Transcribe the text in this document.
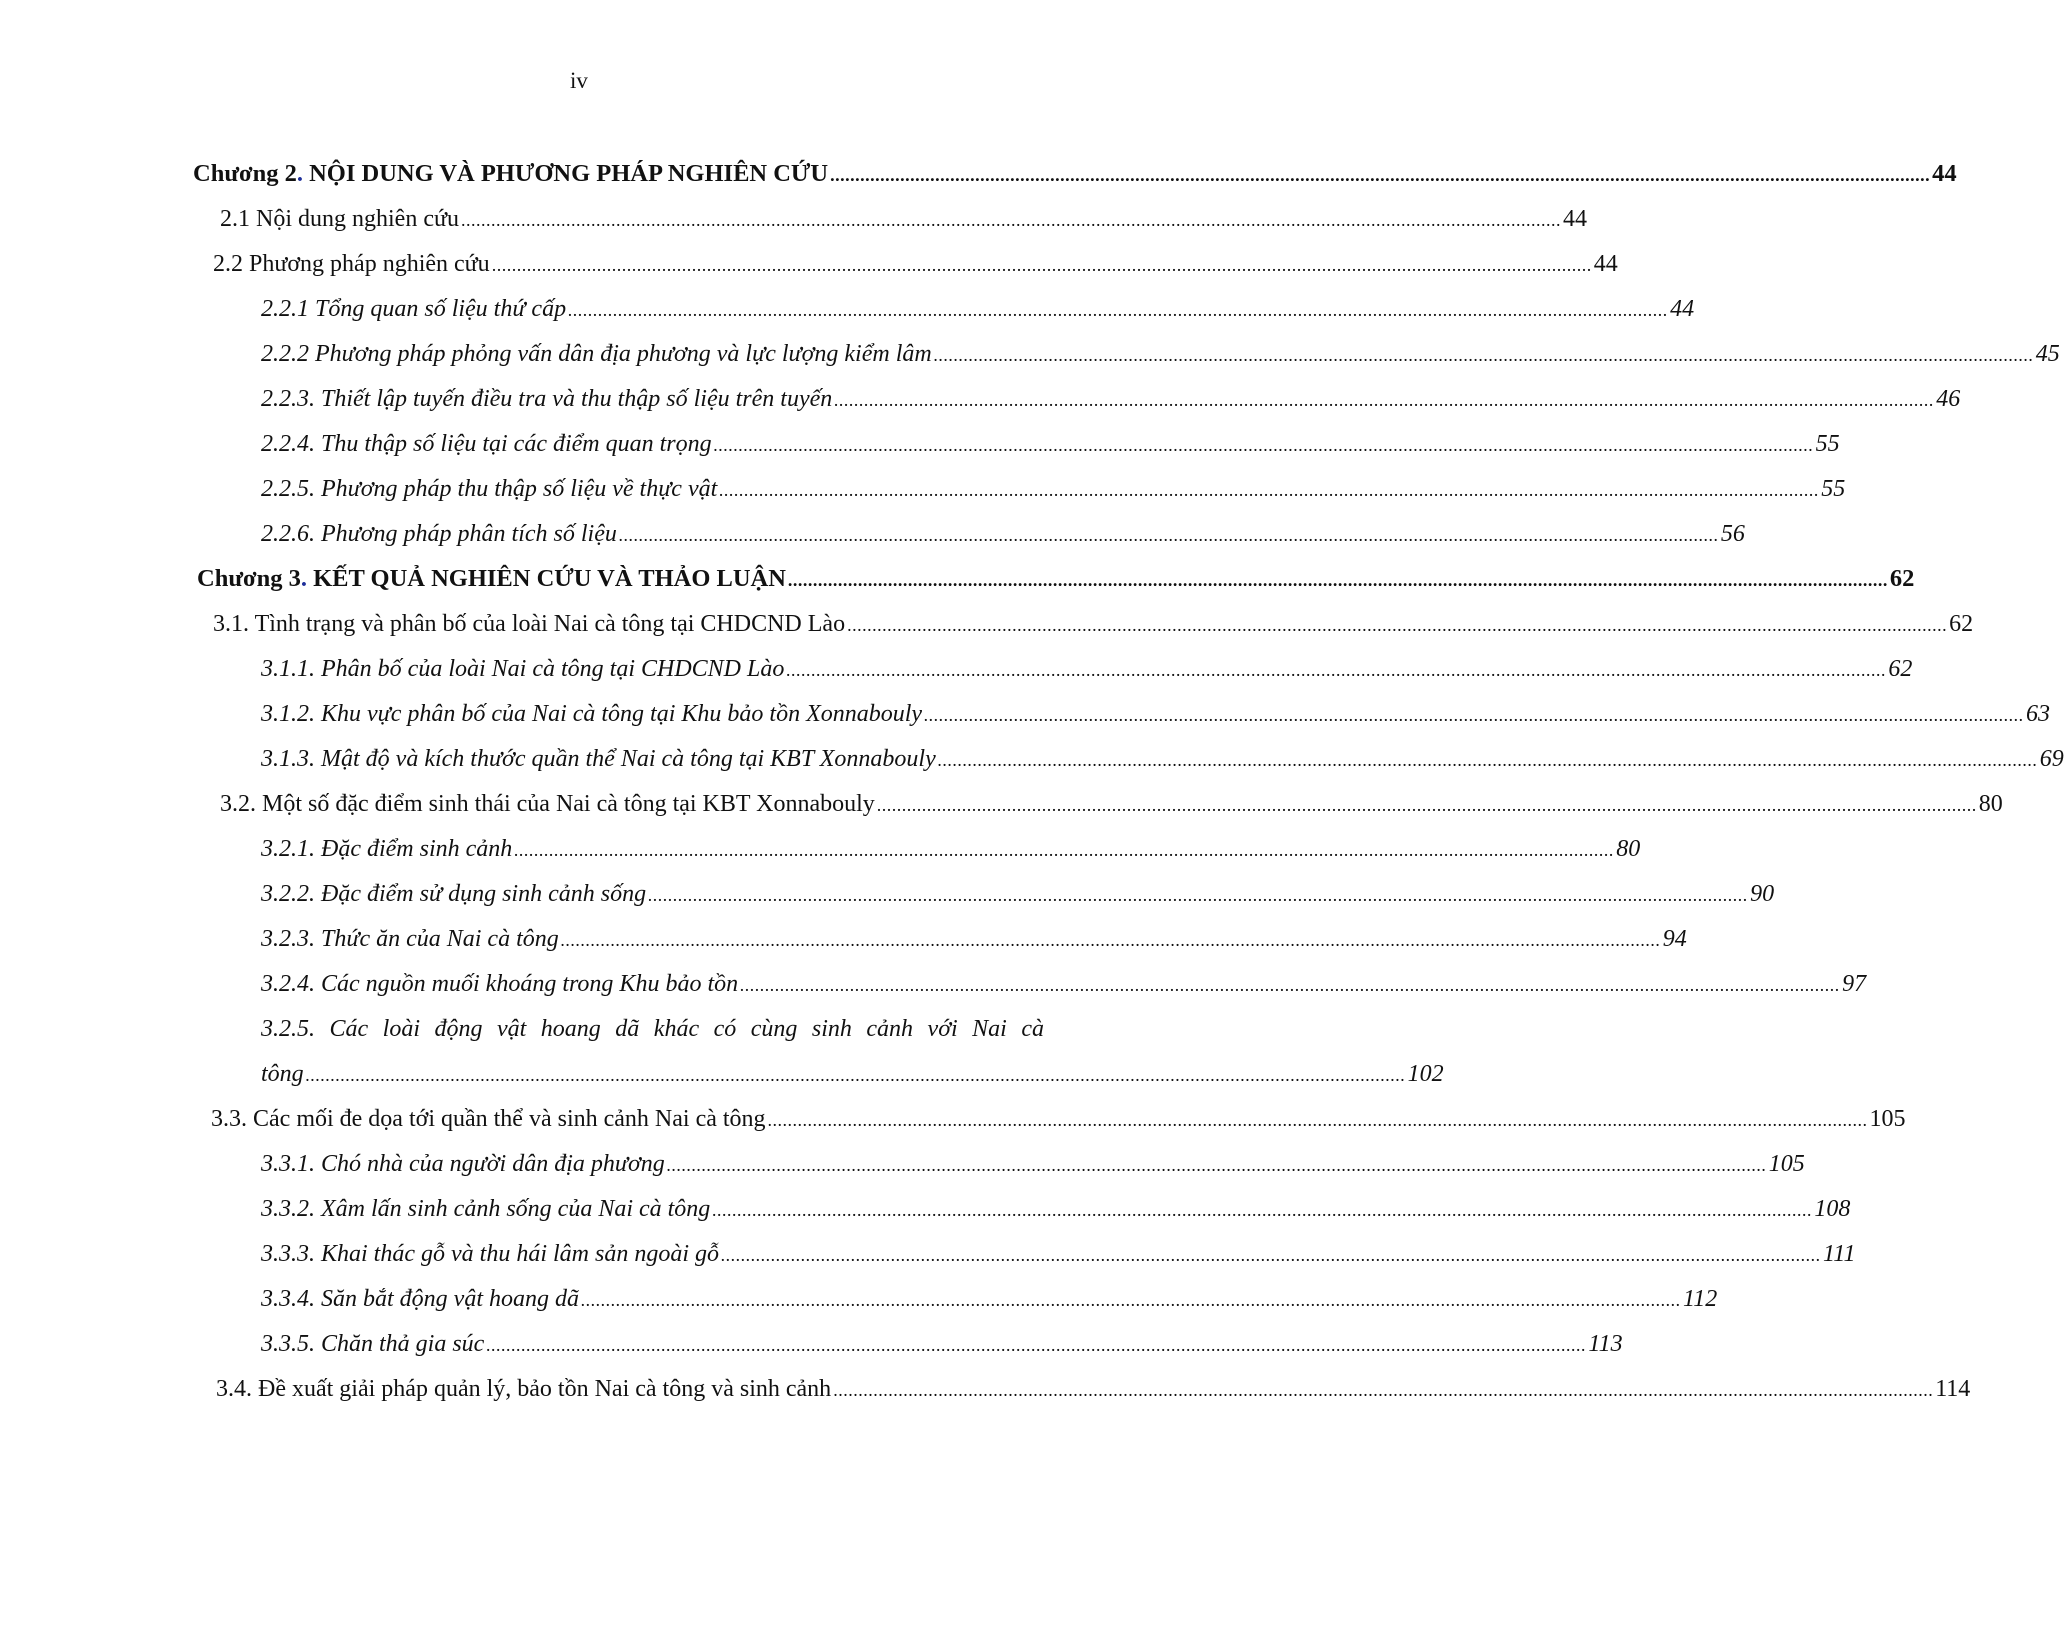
iv
Chương 2. NỘI DUNG VÀ PHƯƠNG PHÁP NGHIÊN CỨU ............................................................................................................................................................................................................................ 44
2.1 Nội dung nghiên cứu ............................................................................................................................................................................................................................ 44
2.2 Phương pháp nghiên cứu ............................................................................................................................................................................................................................ 44
2.2.1 Tổng quan số liệu thứ cấp ............................................................................................................................................................................................................................ 44
2.2.2 Phương pháp phỏng vấn dân địa phương và lực lượng kiểm lâm ............................................................................................................................................................................................................................ 45
2.2.3. Thiết lập tuyến điều tra và thu thập số liệu trên tuyến ............................................................................................................................................................................................................................ 46
2.2.4. Thu thập số liệu tại các điểm quan trọng ............................................................................................................................................................................................................................ 55
2.2.5. Phương pháp thu thập số liệu về thực vật ............................................................................................................................................................................................................................ 55
2.2.6. Phương pháp phân tích số liệu ............................................................................................................................................................................................................................ 56
Chương 3. KẾT QUẢ NGHIÊN CỨU VÀ THẢO LUẬN ............................................................................................................................................................................................................................ 62
3.1. Tình trạng và phân bố của loài Nai cà tông tại CHDCND Lào ............................................................................................................................................................................................................................ 62
3.1.1. Phân bố của loài Nai cà tông tại CHDCND Lào ............................................................................................................................................................................................................................ 62
3.1.2. Khu vực phân bố của Nai cà tông tại Khu bảo tồn Xonnabouly ............................................................................................................................................................................................................................ 63
3.1.3. Mật độ và kích thước quần thể Nai cà tông tại KBT Xonnabouly ............................................................................................................................................................................................................................ 69
3.2. Một số đặc điểm sinh thái của Nai cà tông tại KBT Xonnabouly ............................................................................................................................................................................................................................ 80
3.2.1. Đặc điểm sinh cảnh ............................................................................................................................................................................................................................ 80
3.2.2. Đặc điểm sử dụng sinh cảnh sống ............................................................................................................................................................................................................................ 90
3.2.3. Thức ăn của Nai cà tông ............................................................................................................................................................................................................................ 94
3.2.4. Các nguồn muối khoáng trong Khu bảo tồn ............................................................................................................................................................................................................................ 97
3.2.5. Các loài động vật hoang dã khác có cùng sinh cảnh với Nai cà
tông ............................................................................................................................................................................................................................ 102
3.3. Các mối đe dọa tới quần thể và sinh cảnh Nai cà tông ............................................................................................................................................................................................................................ 105
3.3.1. Chó nhà của người dân địa phương ............................................................................................................................................................................................................................ 105
3.3.2. Xâm lấn sinh cảnh sống của Nai cà tông ............................................................................................................................................................................................................................ 108
3.3.3. Khai thác gỗ và thu hái lâm sản ngoài gỗ ............................................................................................................................................................................................................................ 111
3.3.4. Săn bắt động vật hoang dã ............................................................................................................................................................................................................................ 112
3.3.5. Chăn thả gia súc ............................................................................................................................................................................................................................ 113
3.4. Đề xuất giải pháp quản lý, bảo tồn Nai cà tông và sinh cảnh ............................................................................................................................................................................................................................ 114
